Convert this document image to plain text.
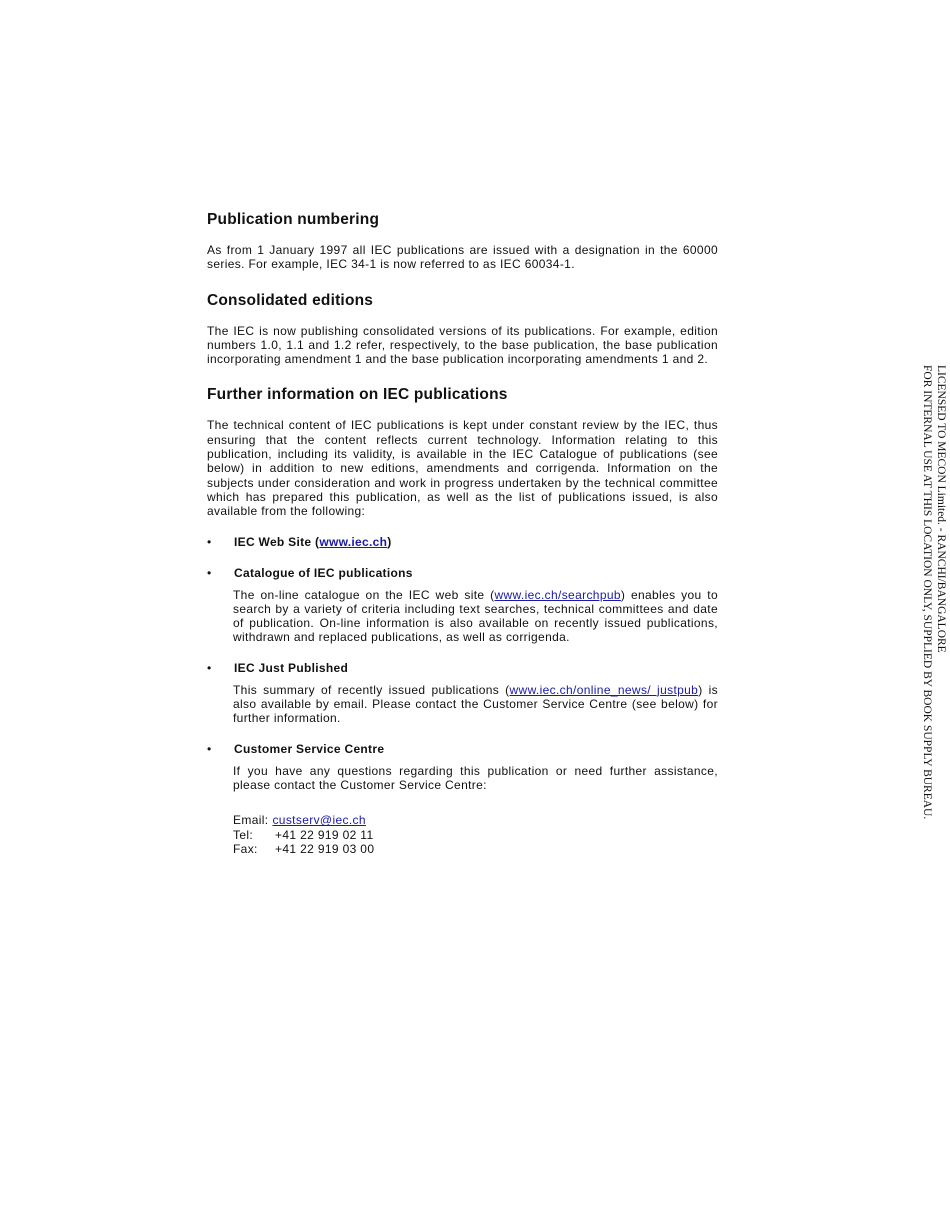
Publication numbering

As from 1 January 1997 all IEC publications are issued with a designation in the 60000 series. For example, IEC 34-1 is now referred to as IEC 60034-1.

Consolidated editions

The IEC is now publishing consolidated versions of its publications. For example, edition numbers 1.0, 1.1 and 1.2 refer, respectively, to the base publication, the base publication incorporating amendment 1 and the base publication incorporating amendments 1 and 2.

Further information on IEC publications

The technical content of IEC publications is kept under constant review by the IEC, thus ensuring that the content reflects current technology. Information relating to this publication, including its validity, is available in the IEC Catalogue of publications (see below) in addition to new editions, amendments and corrigenda. Information on the subjects under consideration and work in progress undertaken by the technical committee which has prepared this publication, as well as the list of publications issued, is also available from the following:

• IEC Web Site (www.iec.ch)
• Catalogue of IEC publications

The on-line catalogue on the IEC web site (www.iec.ch/searchpub) enables you to search by a variety of criteria including text searches, technical committees and date of publication. On-line information is also available on recently issued publications, withdrawn and replaced publications, as well as corrigenda.

• IEC Just Published

This summary of recently issued publications (www.iec.ch/online_news/ justpub) is also available by email. Please contact the Customer Service Centre (see below) for further information.

• Customer Service Centre

If you have any questions regarding this publication or need further assistance, please contact the Customer Service Centre:

Email: custserv@iec.ch
Tel:	+41 22 919 02 11
Fax:	+41 22 919 03 00
LICENSED TO MECON Limited. - RANCHI/BANGALORE
FOR INTERNAL USE AT THIS LOCATION ONLY, SUPPLIED BY BOOK SUPPLY BUREAU.
